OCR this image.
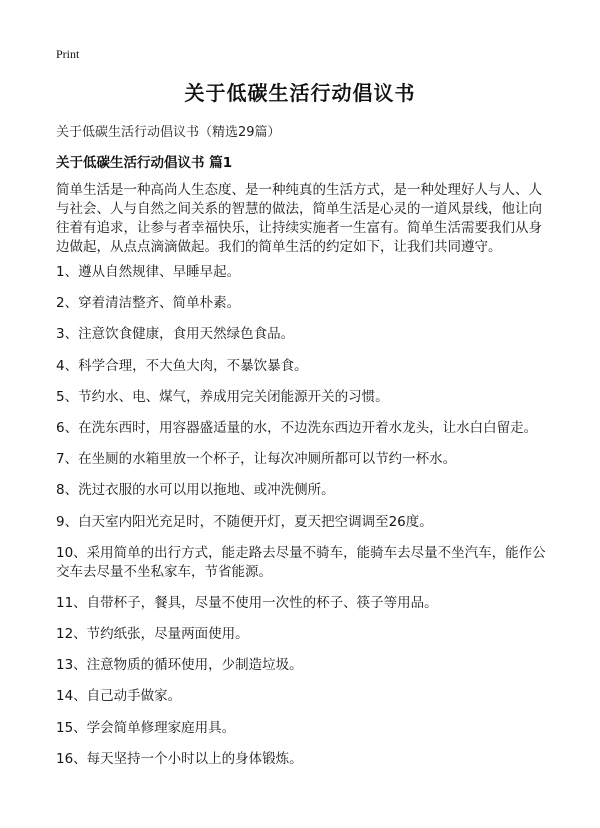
Print
关于低碳生活行动倡议书
关于低碳生活行动倡议书（精选29篇）
关于低碳生活行动倡议书 篇1
简单生活是一种高尚人生态度、是一种纯真的生活方式，是一种处理好人与人、人与社会、人与自然之间关系的智慧的做法，简单生活是心灵的一道风景线，他让向往着有追求，让参与者幸福快乐，让持续实施者一生富有。简单生活需要我们从身边做起，从点点滴滴做起。我们的简单生活的约定如下，让我们共同遵守。
1、遵从自然规律、早睡早起。
2、穿着清洁整齐、简单朴素。
3、注意饮食健康，食用天然绿色食品。
4、科学合理，不大鱼大肉，不暴饮暴食。
5、节约水、电、煤气，养成用完关闭能源开关的习惯。
6、在洗东西时，用容器盛适量的水，不边洗东西边开着水龙头，让水白白留走。
7、在坐厕的水箱里放一个杯子，让每次冲厕所都可以节约一杯水。
8、洗过衣服的水可以用以拖地、或冲洗侧所。
9、白天室内阳光充足时，不随便开灯，夏天把空调调至26度。
10、采用简单的出行方式，能走路去尽量不骑车，能骑车去尽量不坐汽车，能作公交车去尽量不坐私家车，节省能源。
11、自带杯子，餐具，尽量不使用一次性的杯子、筷子等用品。
12、节约纸张，尽量两面使用。
13、注意物质的循环使用，少制造垃圾。
14、自己动手做家。
15、学会简单修理家庭用具。
16、每天坚持一个小时以上的身体锻炼。
